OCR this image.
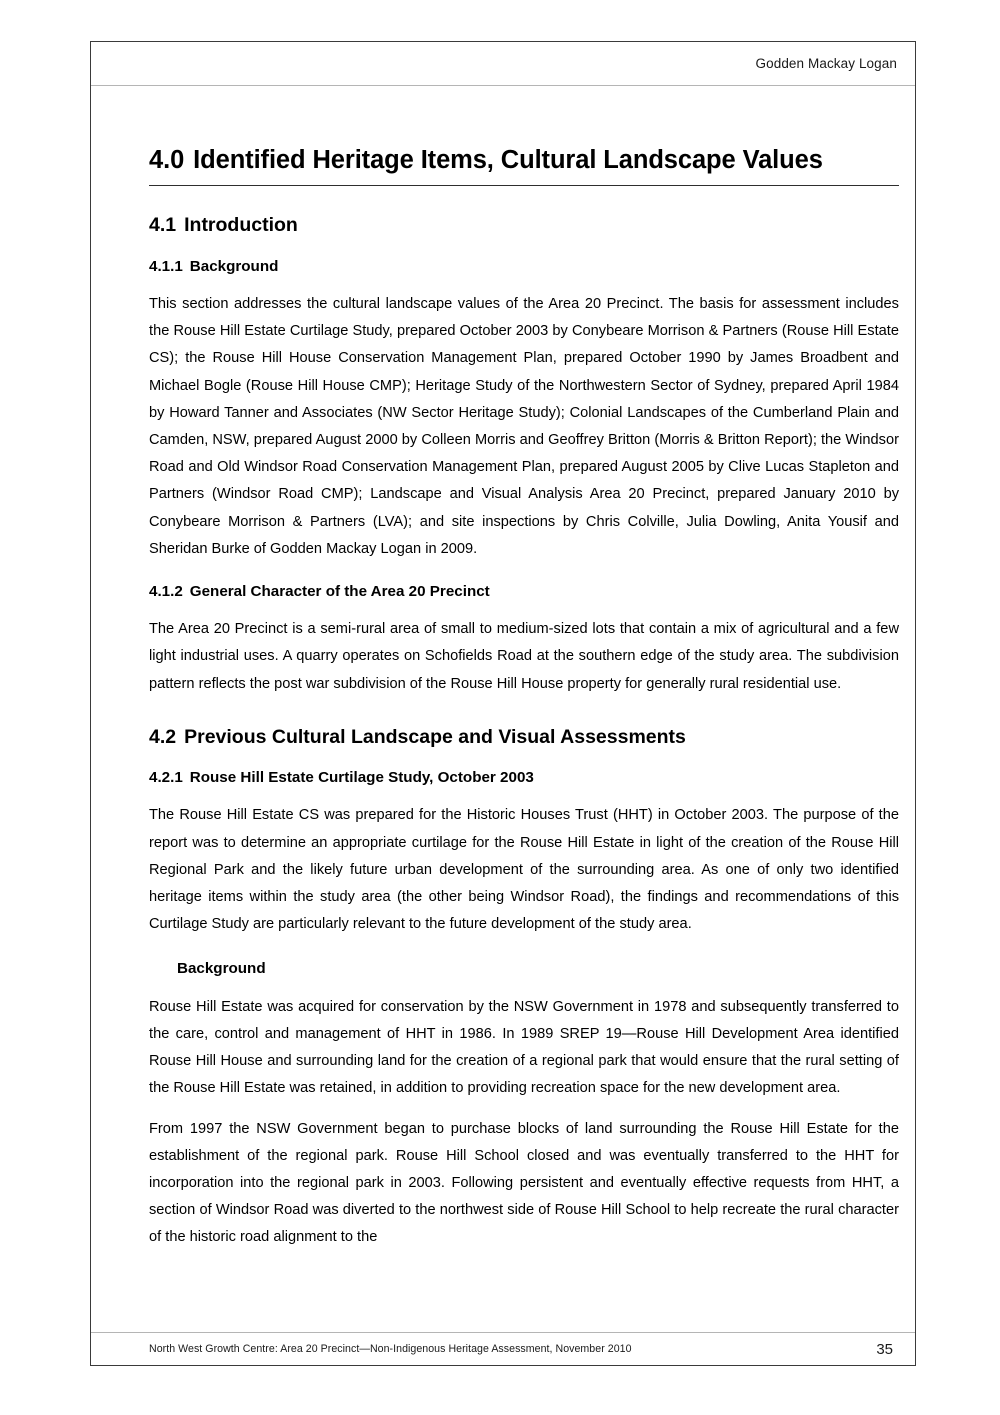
Godden Mackay Logan
4.0 Identified Heritage Items, Cultural Landscape Values
4.1 Introduction
4.1.1 Background

This section addresses the cultural landscape values of the Area 20 Precinct. The basis for assessment includes the Rouse Hill Estate Curtilage Study, prepared October 2003 by Conybeare Morrison & Partners (Rouse Hill Estate CS); the Rouse Hill House Conservation Management Plan, prepared October 1990 by James Broadbent and Michael Bogle (Rouse Hill House CMP); Heritage Study of the Northwestern Sector of Sydney, prepared April 1984 by Howard Tanner and Associates (NW Sector Heritage Study); Colonial Landscapes of the Cumberland Plain and Camden, NSW, prepared August 2000 by Colleen Morris and Geoffrey Britton (Morris & Britton Report); the Windsor Road and Old Windsor Road Conservation Management Plan, prepared August 2005 by Clive Lucas Stapleton and Partners (Windsor Road CMP); Landscape and Visual Analysis Area 20 Precinct, prepared January 2010 by Conybeare Morrison & Partners (LVA); and site inspections by Chris Colville, Julia Dowling, Anita Yousif and Sheridan Burke of Godden Mackay Logan in 2009.

4.1.2 General Character of the Area 20 Precinct

The Area 20 Precinct is a semi-rural area of small to medium-sized lots that contain a mix of agricultural and a few light industrial uses. A quarry operates on Schofields Road at the southern edge of the study area. The subdivision pattern reflects the post war subdivision of the Rouse Hill House property for generally rural residential use.

4.2 Previous Cultural Landscape and Visual Assessments
4.2.1 Rouse Hill Estate Curtilage Study, October 2003

The Rouse Hill Estate CS was prepared for the Historic Houses Trust (HHT) in October 2003. The purpose of the report was to determine an appropriate curtilage for the Rouse Hill Estate in light of the creation of the Rouse Hill Regional Park and the likely future urban development of the surrounding area. As one of only two identified heritage items within the study area (the other being Windsor Road), the findings and recommendations of this Curtilage Study are particularly relevant to the future development of the study area.

Background

Rouse Hill Estate was acquired for conservation by the NSW Government in 1978 and subsequently transferred to the care, control and management of HHT in 1986. In 1989 SREP 19—Rouse Hill Development Area identified Rouse Hill House and surrounding land for the creation of a regional park that would ensure that the rural setting of the Rouse Hill Estate was retained, in addition to providing recreation space for the new development area.

From 1997 the NSW Government began to purchase blocks of land surrounding the Rouse Hill Estate for the establishment of the regional park. Rouse Hill School closed and was eventually transferred to the HHT for incorporation into the regional park in 2003. Following persistent and eventually effective requests from HHT, a section of Windsor Road was diverted to the northwest side of Rouse Hill School to help recreate the rural character of the historic road alignment to the

North West Growth Centre: Area 20 Precinct—Non-Indigenous Heritage Assessment, November 2010	35
